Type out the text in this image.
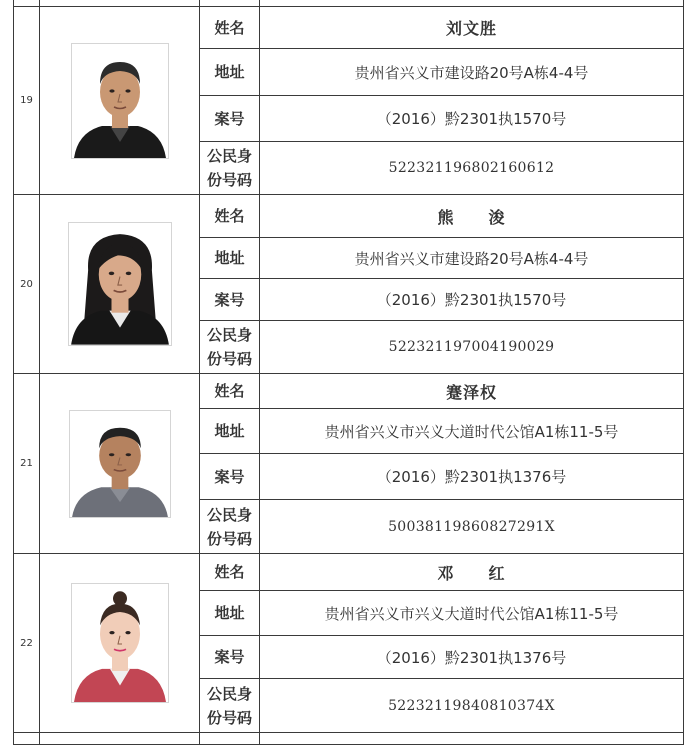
19		姓名	刘文胜
		地址	贵州省兴义市建设路20号A栋4-4号
		案号	（2016）黔2301执1570号

		公民身
份号码	522321196802160612
20		姓名	熊　　浚
		地址	贵州省兴义市建设路20号A栋4-4号
		案号	（2016）黔2301执1570号

		公民身
份号码	522321197004190029
21		姓名	蹇泽权
		地址	贵州省兴义市兴义大道时代公馆A1栋11-5号
		案号	（2016）黔2301执1376号

		公民身
份号码	50038119860827291X
22		姓名	邓　　红
		地址	贵州省兴义市兴义大道时代公馆A1栋11-5号
		案号	（2016）黔2301执1376号

		公民身
份号码	52232119840810374X
